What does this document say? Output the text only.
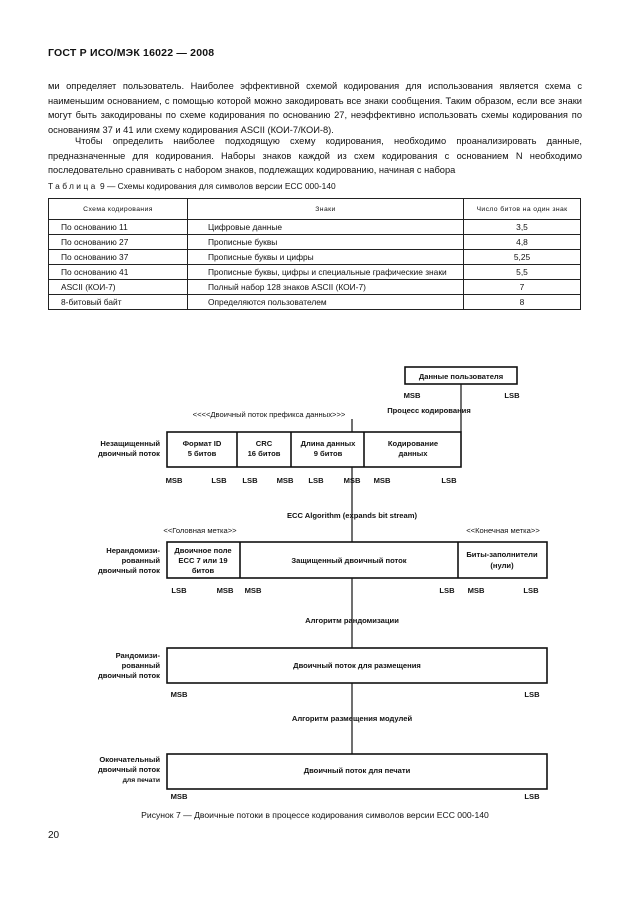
ГОСТ Р ИСО/МЭК 16022 — 2008

ми определяет пользователь. Наиболее эффективной схемой кодирования для использования является схема с наименьшим основанием, с помощью которой можно закодировать все знаки сообщения. Таким образом, если все знаки могут быть закодированы по схеме кодирования по основанию 27, неэффективно использовать схемы кодирования по основаниям 37 и 41 или схему кодирования ASCII (КОИ-7/КОИ-8).

Чтобы определить наиболее подходящую схему кодирования, необходимо проанализировать данные, предназначенные для кодирования. Наборы знаков каждой из схем кодирования с основанием N необходимо последовательно сравнивать с набором знаков, подлежащих кодированию, начиная с набора

Таблица 9 — Схемы кодирования для символов версии ЕСС 000-140
Схема кодирования	Знаки	Число битов на один знак
По основанию 11	Цифровые данные	3,5
По основанию 27	Прописные буквы	4,8
По основанию 37	Прописные буквы и цифры	5,25
По основанию 41	Прописные буквы, цифры и специальные графические знаки	5,5
ASCII (КОИ-7)	Полный набор 128 знаков ASCII (КОИ-7)	7
8-битовый байт	Определяются пользователем	8
Данные пользователя
MSB	LSB
Процесс кодирования
<<<<Двоичный поток префикса данных>>>
Незащищенный
двоичный поток
Формат ID
5 битов
CRC
16 битов
Длина данных
9 битов
Кодирование
данных
MSB	LSB LSB MSB LSB	MSB MSB	LSB
ECC Algorithm (expands bit stream)
<<Головная метка>>	<<Конечная метка>>
Нерандомизи-
рованный
двоичный поток
Двоичное поле
ECC 7 или 19
битов
Защищенный двоичный поток
Биты-заполнители
(нули)
LSB	MSB MSB	LSB MSB	LSB
Алгоритм рандомизации
Рандомизи-
рованный
двоичный поток
Двоичный поток для размещения
MSB	LSB
Алгоритм размещения модулей
Окончательный
двоичный поток
для печати
Двоичный поток для печати
MSB	LSB
Рисунок 7 — Двоичные потоки в процессе кодирования символов версии ЕСС 000-140
20
